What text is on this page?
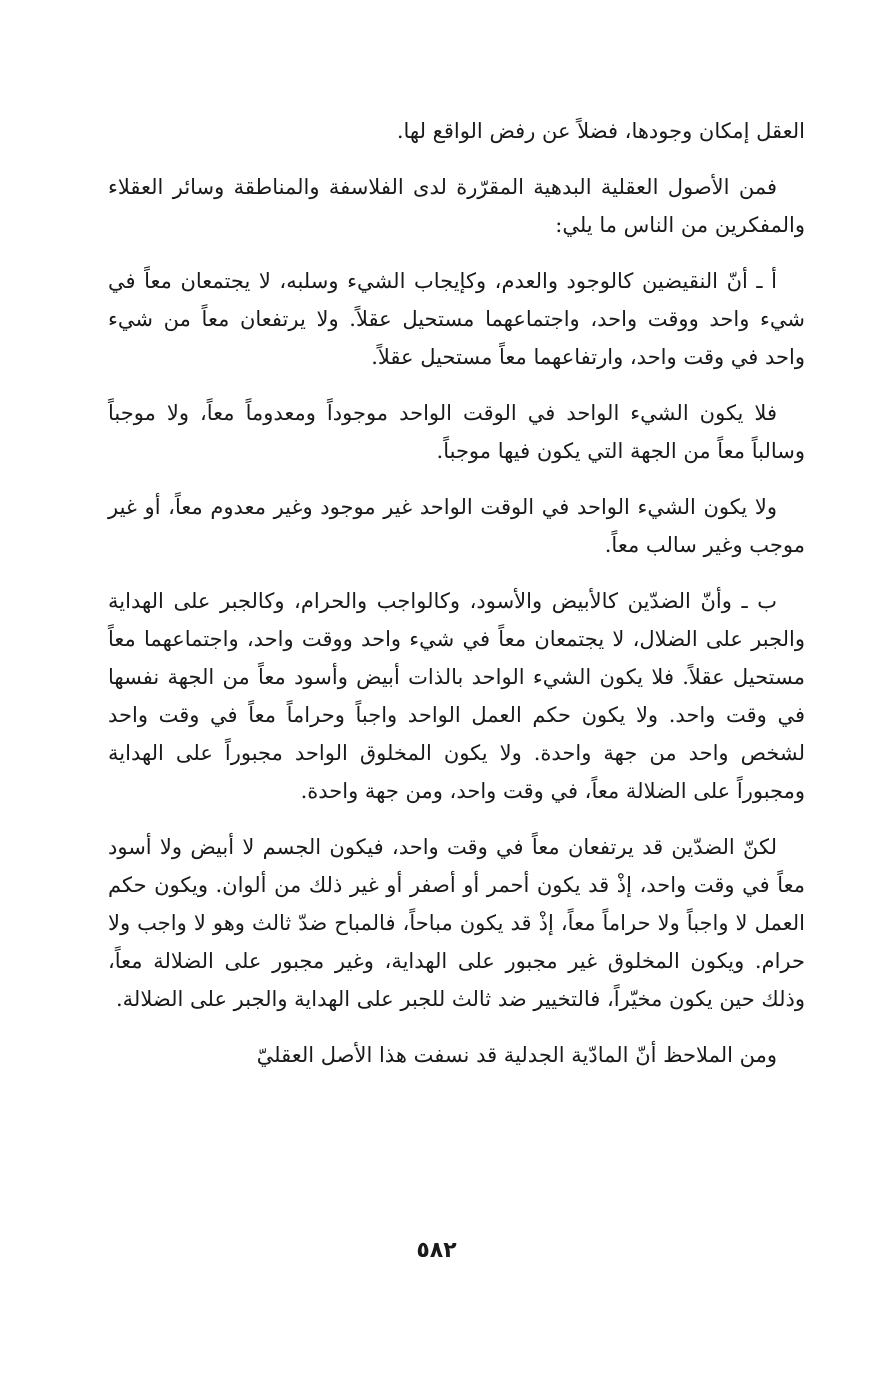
العقل إمكان وجودها، فضلاً عن رفض الواقع لها.

فمن الأصول العقلية البدهية المقرّرة لدى الفلاسفة والمناطقة وسائر العقلاء والمفكرين من الناس ما يلي:

أ ـ أنّ النقيضين كالوجود والعدم، وكإيجاب الشيء وسلبه، لا يجتمعان معاً في شيء واحد ووقت واحد، واجتماعهما مستحيل عقلاً. ولا يرتفعان معاً من شيء واحد في وقت واحد، وارتفاعهما معاً مستحيل عقلاً.

فلا يكون الشيء الواحد في الوقت الواحد موجوداً ومعدوماً معاً، ولا موجباً وسالباً معاً من الجهة التي يكون فيها موجباً.

ولا يكون الشيء الواحد في الوقت الواحد غير موجود وغير معدوم معاً، أو غير موجب وغير سالب معاً.

ب ـ وأنّ الضدّين كالأبيض والأسود، وكالواجب والحرام، وكالجبر على الهداية والجبر على الضلال، لا يجتمعان معاً في شيء واحد ووقت واحد، واجتماعهما معاً مستحيل عقلاً. فلا يكون الشيء الواحد بالذات أبيض وأسود معاً من الجهة نفسها في وقت واحد. ولا يكون حكم العمل الواحد واجباً وحراماً معاً في وقت واحد لشخص واحد من جهة واحدة. ولا يكون المخلوق الواحد مجبوراً على الهداية ومجبوراً على الضلالة معاً، في وقت واحد، ومن جهة واحدة.

لكنّ الضدّين قد يرتفعان معاً في وقت واحد، فيكون الجسم لا أبيض ولا أسود معاً في وقت واحد، إذْ قد يكون أحمر أو أصفر أو غير ذلك من ألوان. ويكون حكم العمل لا واجباً ولا حراماً معاً، إذْ قد يكون مباحاً، فالمباح ضدّ ثالث وهو لا واجب ولا حرام. ويكون المخلوق غير مجبور على الهداية، وغير مجبور على الضلالة معاً، وذلك حين يكون مخيّراً، فالتخيير ضد ثالث للجبر على الهداية والجبر على الضلالة.

ومن الملاحظ أنّ المادّية الجدلية قد نسفت هذا الأصل العقليّ

٥٨٢
